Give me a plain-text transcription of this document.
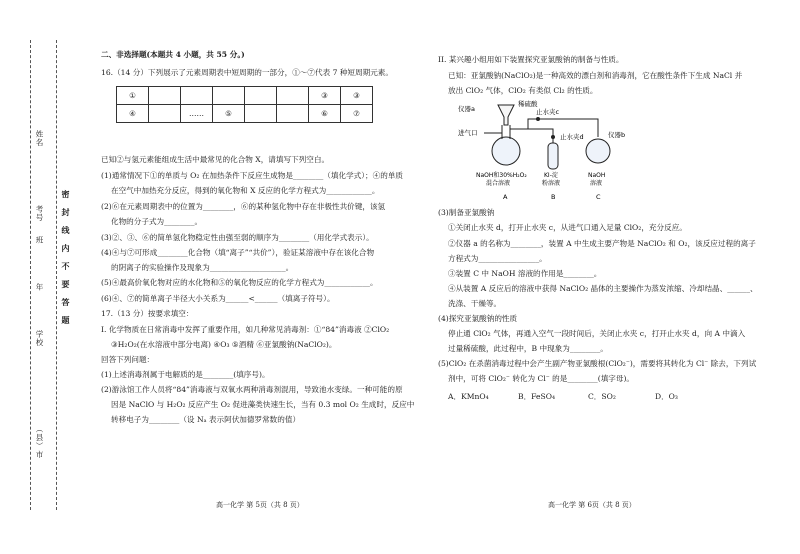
姓名
考号
班
年
学校
（县）市
密封线内不要答题
二、非选择题(本题共 4 小题，共 55 分。)
16.（14 分）下列展示了元素周期表中短周期的一部分，①～⑦代表 7 种短周期元素。
①						③	③
④		……	⑤			⑥	⑦
已知②与氢元素能组成生活中最常见的化合物 X，请填写下列空白。
(1)通常情况下①的单质与 O₂ 在加热条件下反应生成物是________（填化学式）；④的单质
在空气中加热充分反应，得到的氧化物和 X 反应的化学方程式为____________。
(2)⑥在元素周期表中的位置为________，⑥的某种氢化物中存在非极性共价键，该氢
化物的分子式为________。
(3)②、③、⑥的简单氢化物稳定性由强至弱的顺序为________（用化学式表示）。
(4)④与⑦可形成________化合物（填“离子”“共价”），验证某溶液中存在该化合物
的阴离子的实验操作及现象为____________________。
(5)④最高价氧化物对应的水化物和⑤的氧化物反应的化学方程式为____________。
(6)④、⑦的简单离子半径大小关系为______<______（填离子符号）。
17.（13 分）按要求填空：
I. 化学物质在日常消毒中发挥了重要作用，如几种常见消毒剂：①“84”消毒液 ②ClO₂
③H₂O₂(在水溶液中部分电离) ④O₃ ⑤酒精 ⑥亚氯酸钠(NaClO₂)。
回答下列问题：
(1)上述消毒剂属于电解质的是________(填序号)。
(2)游泳馆工作人员将“84”消毒液与双氧水两种消毒剂混用，导致池水变绿。一种可能的原
因是 NaClO 与 H₂O₂ 反应产生 O₂ 促进藻类快速生长，当有 0.3 mol O₂ 生成时，反应中
转移电子为________（设 Nₐ 表示阿伏加德罗常数的值）
高一化学 第 5页（共 8 页）
II. 某兴趣小组用如下装置探究亚氯酸钠的制备与性质。
已知：亚氯酸钠(NaClO₂)是一种高效的漂白剂和消毒剂，它在酸性条件下生成 NaCl 并
放出 ClO₂ 气体，ClO₂ 有类似 Cl₂ 的性质。
仪器a
稀硫酸
止水夹c
进气口	止水夹d	仪器b
NaOH和30%H₂O₂
混合溶液
KI-淀
粉溶液
NaOH
溶液
A	B	C
(3)制备亚氯酸钠
①关闭止水夹 d，打开止水夹 c，从进气口通入足量 ClO₂，充分反应。
②仪器 a 的名称为________，装置 A 中生成主要产物是 NaClO₂ 和 O₂，该反应过程的离子
方程式为________________。
③装置 C 中 NaOH 溶液的作用是________。
④从装置 A 反应后的溶液中获得 NaClO₂ 晶体的主要操作为蒸发浓缩、冷却结晶、______、
洗涤、干燥等。
(4)探究亚氯酸钠的性质
停止通 ClO₂ 气体，再通入空气一段时间后，关闭止水夹 c，打开止水夹 d，向 A 中滴入
过量稀硫酸，此过程中，B 中现象为________。
(5)ClO₂ 在杀菌消毒过程中会产生副产物亚氯酸根(ClO₂⁻)，需要将其转化为 Cl⁻ 除去，下列试
剂中，可将 ClO₂⁻ 转化为 Cl⁻ 的是________(填字母)。
A．KMnO₄	B．FeSO₄	C．SO₂	D．O₃
高一化学 第 6页（共 8 页）
